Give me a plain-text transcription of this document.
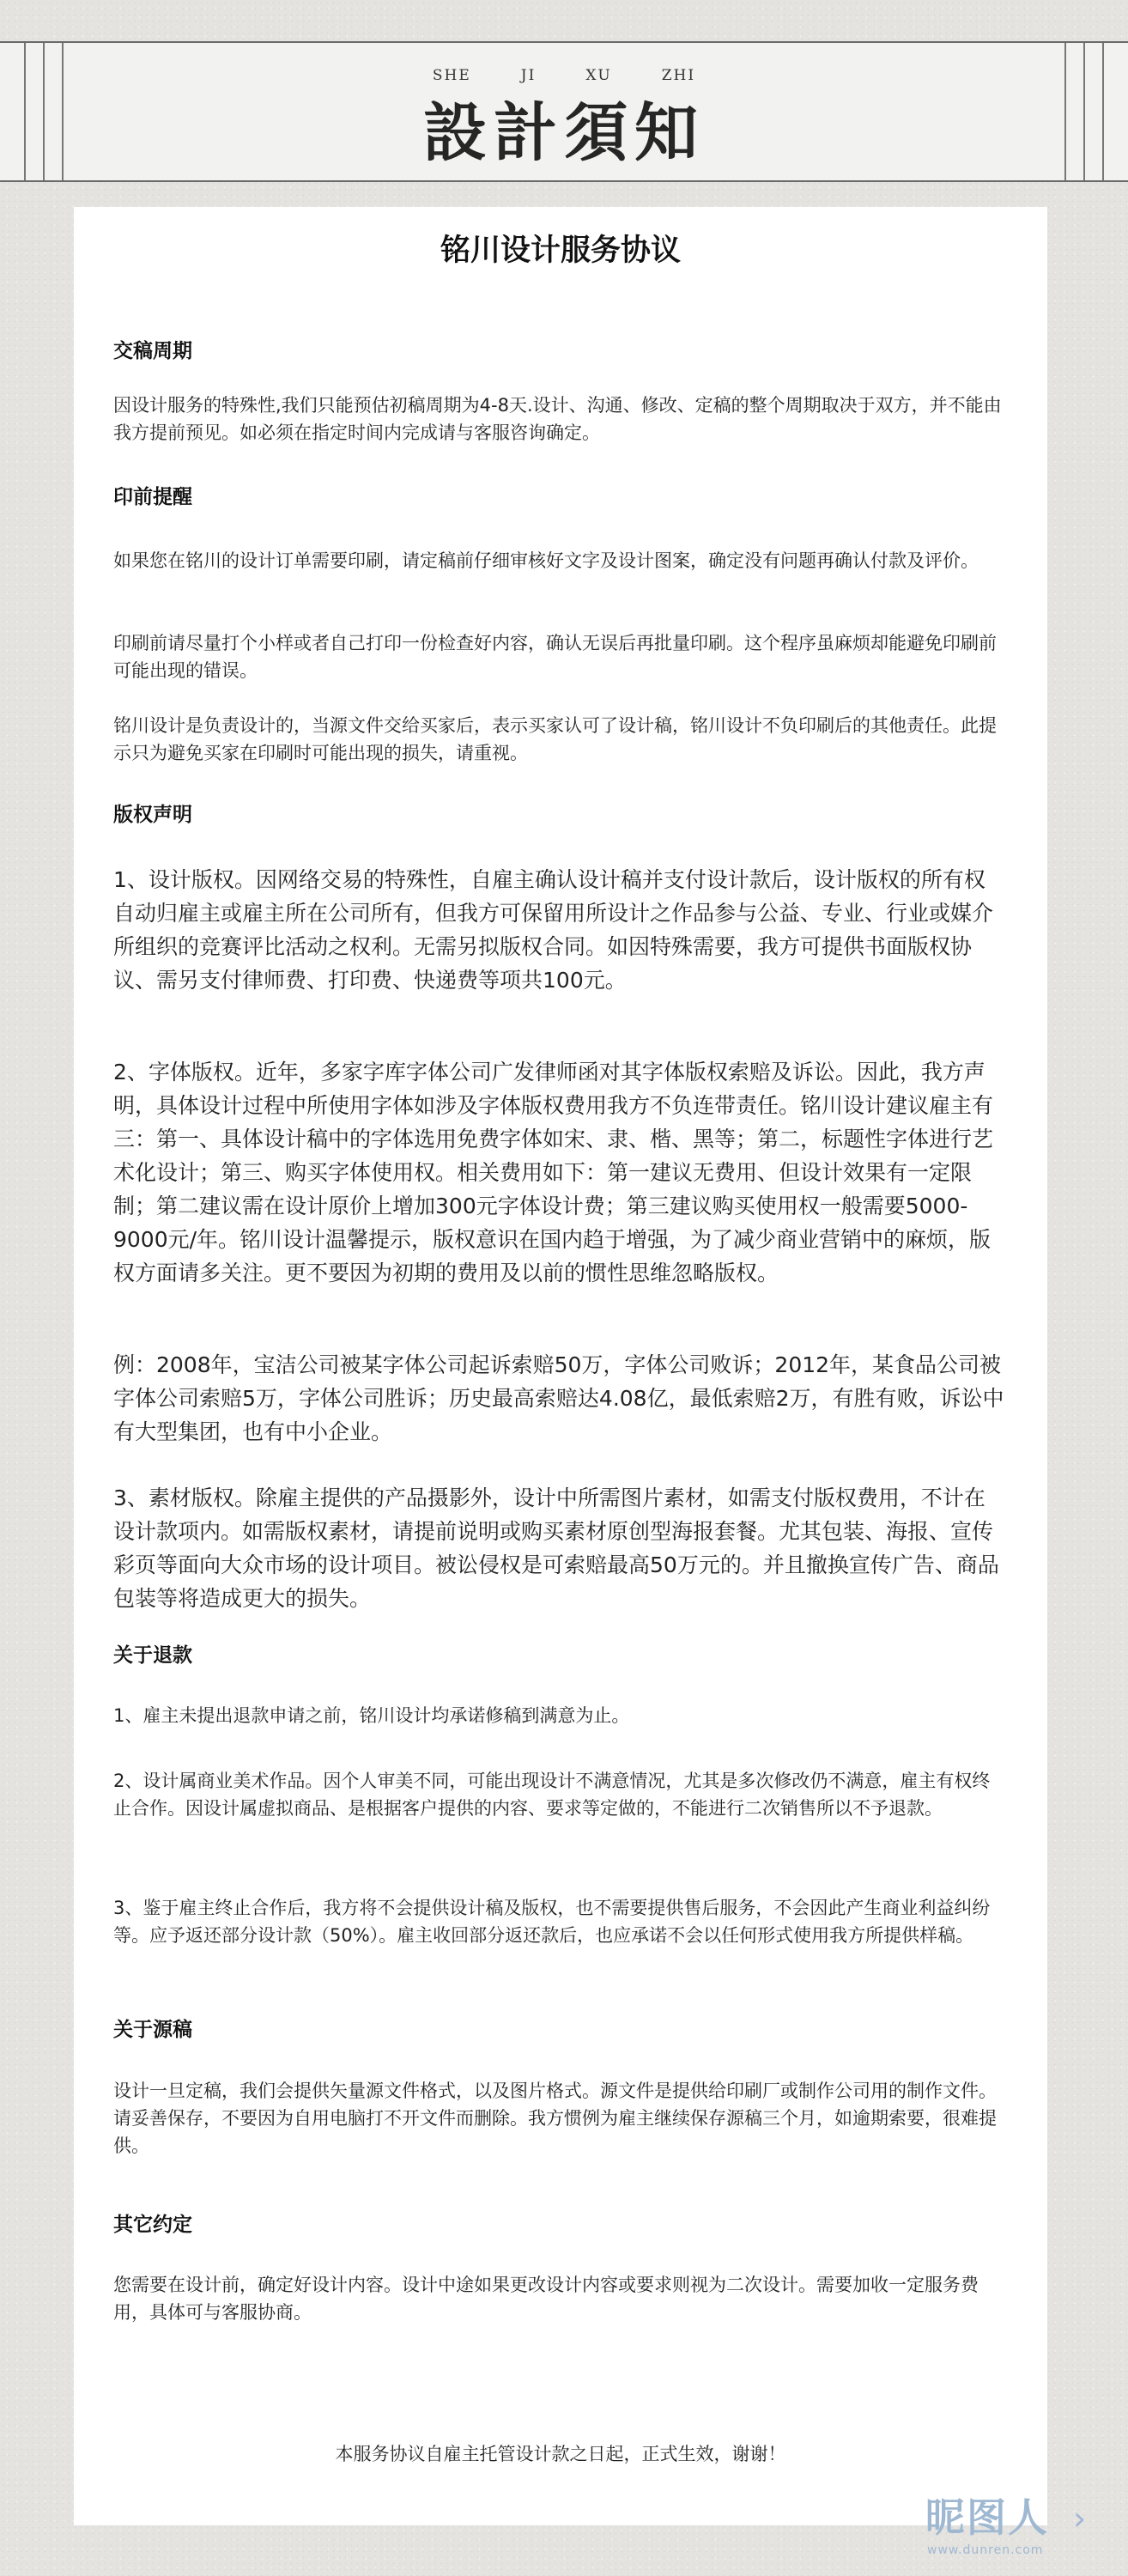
SHE	JI	XU	ZHI
設計須知
铭川设计服务协议
交稿周期

因设计服务的特殊性,我们只能预估初稿周期为4-8天.设计、沟通、修改、定稿的整个周期取决于双方，并不能由我方提前预见。如必须在指定时间内完成请与客服咨询确定。

印前提醒

如果您在铭川的设计订单需要印刷，请定稿前仔细审核好文字及设计图案，确定没有问题再确认付款及评价。

印刷前请尽量打个小样或者自己打印一份检查好内容，确认无误后再批量印刷。这个程序虽麻烦却能避免印刷前可能出现的错误。

铭川设计是负责设计的，当源文件交给买家后，表示买家认可了设计稿，铭川设计不负印刷后的其他责任。此提示只为避免买家在印刷时可能出现的损失，请重视。

版权声明

1、设计版权。因网络交易的特殊性，自雇主确认设计稿并支付设计款后，设计版权的所有权自动归雇主或雇主所在公司所有，但我方可保留用所设计之作品参与公益、专业、行业或媒介所组织的竞赛评比活动之权利。无需另拟版权合同。如因特殊需要，我方可提供书面版权协议、需另支付律师费、打印费、快递费等项共100元。

2、字体版权。近年，多家字库字体公司广发律师函对其字体版权索赔及诉讼。因此，我方声明，具体设计过程中所使用字体如涉及字体版权费用我方不负连带责任。铭川设计建议雇主有三：第一、具体设计稿中的字体选用免费字体如宋、隶、楷、黑等；第二，标题性字体进行艺术化设计；第三、购买字体使用权。相关费用如下：第一建议无费用、但设计效果有一定限制；第二建议需在设计原价上增加300元字体设计费；第三建议购买使用权一般需要5000-9000元/年。铭川设计温馨提示，版权意识在国内趋于增强，为了减少商业营销中的麻烦，版权方面请多关注。更不要因为初期的费用及以前的惯性思维忽略版权。

例：2008年，宝洁公司被某字体公司起诉索赔50万，字体公司败诉；2012年，某食品公司被字体公司索赔5万，字体公司胜诉；历史最高索赔达4.08亿，最低索赔2万，有胜有败，诉讼中有大型集团，也有中小企业。

3、素材版权。除雇主提供的产品摄影外，设计中所需图片素材，如需支付版权费用，不计在设计款项内。如需版权素材，请提前说明或购买素材原创型海报套餐。尤其包装、海报、宣传彩页等面向大众市场的设计项目。被讼侵权是可索赔最高50万元的。并且撤换宣传广告、商品包装等将造成更大的损失。

关于退款

1、雇主未提出退款申请之前，铭川设计均承诺修稿到满意为止。

2、设计属商业美术作品。因个人审美不同，可能出现设计不满意情况，尤其是多次修改仍不满意，雇主有权终止合作。因设计属虚拟商品、是根据客户提供的内容、要求等定做的，不能进行二次销售所以不予退款。

3、鉴于雇主终止合作后，我方将不会提供设计稿及版权，也不需要提供售后服务，不会因此产生商业利益纠纷等。应予返还部分设计款（50%）。雇主收回部分返还款后，也应承诺不会以任何形式使用我方所提供样稿。

关于源稿

设计一旦定稿，我们会提供矢量源文件格式，以及图片格式。源文件是提供给印刷厂或制作公司用的制作文件。请妥善保存，不要因为自用电脑打不开文件而删除。我方惯例为雇主继续保存源稿三个月，如逾期索要，很难提供。

其它约定

您需要在设计前，确定好设计内容。设计中途如果更改设计内容或要求则视为二次设计。需要加收一定服务费用，具体可与客服协商。

本服务协议自雇主托管设计款之日起，正式生效，谢谢！
昵图人 ›
www.dunren.com
